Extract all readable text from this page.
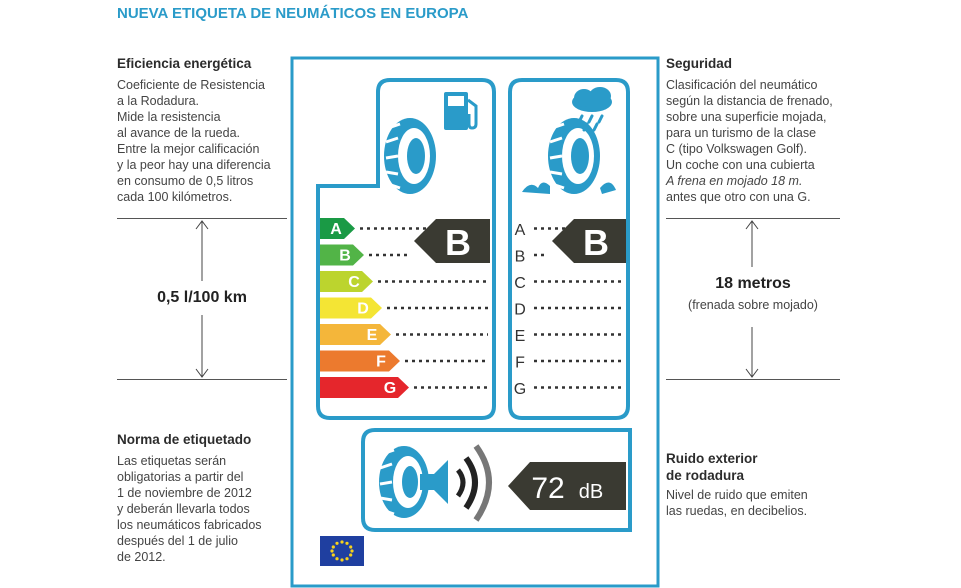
NUEVA ETIQUETA DE NEUMÁTICOS EN EUROPA
Eficiencia energética
Coeficiente de Resistencia
a la Rodadura.
Mide la resistencia
al avance de la rueda.
Entre la mejor calificación
y la peor hay una diferencia
en consumo de 0,5 litros
cada 100 kilómetros.
0,5 l/100 km
Norma de etiquetado
Las etiquetas serán
obligatorias a partir del
1 de noviembre de 2012
y deberán llevarla todos
los neumáticos fabricados
después del 1 de julio
de 2012.
Seguridad
Clasificación del neumático
según la distancia de frenado,
sobre una superficie mojada,
para un turismo de la clase
C (tipo Volkswagen Golf).
Un coche con una cubierta
A frena en mojado 18 m.
antes que otro con una G.
18 metros
(frenada sobre mojado)
Ruido exterior
de rodadura
Nivel de ruido que emiten
las ruedas, en decibelios.
A
B
C
D
E
F
G
B	A
B
C
D
E
F
G
B
72 dB
